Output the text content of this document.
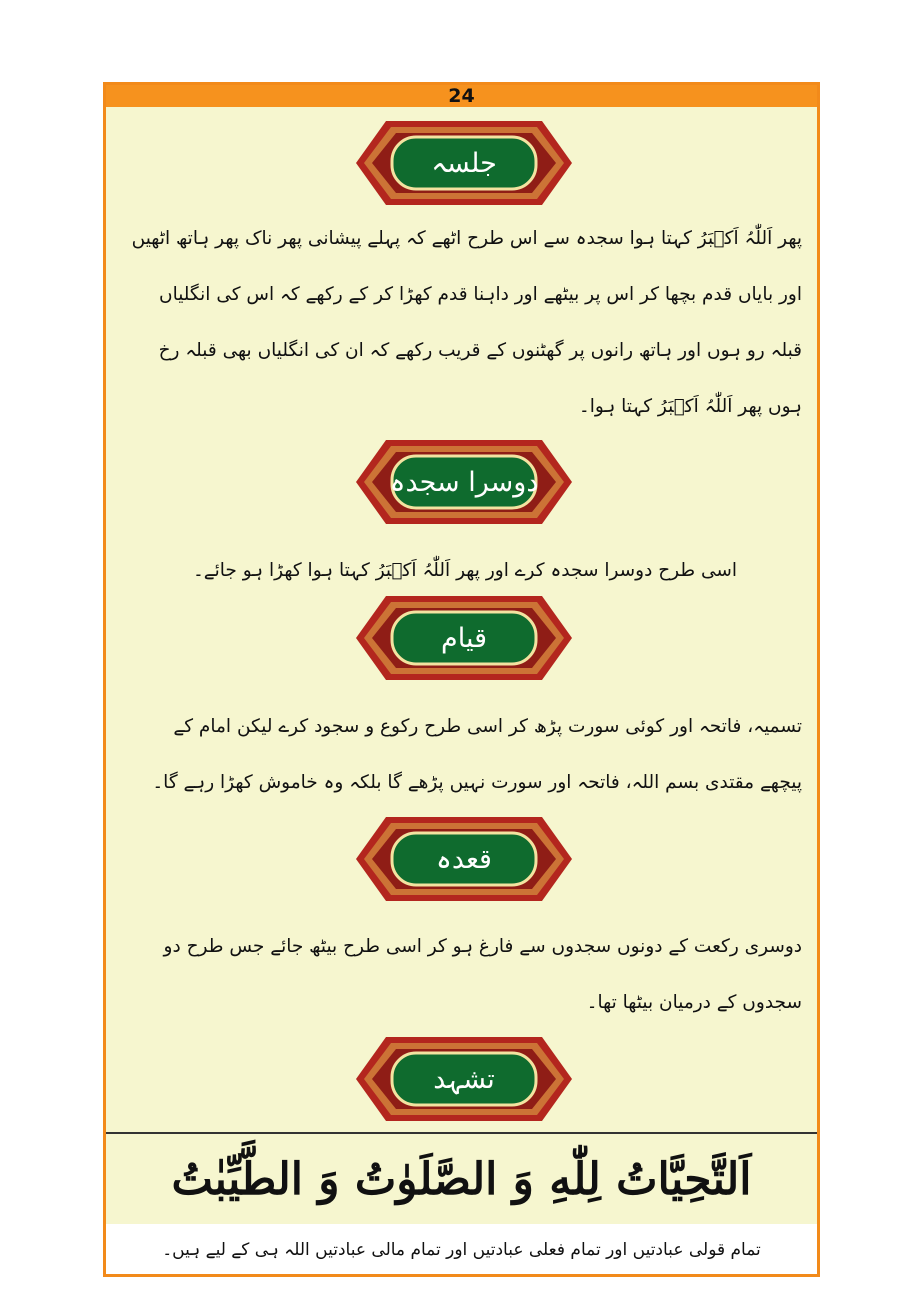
24
جلسہ
پھر اَللّٰہُ اَکۡبَرُ کہتا ہوا سجدہ سے اس طرح اٹھے کہ پہلے پیشانی پھر ناک پھر ہاتھ اٹھیں اور بایاں قدم بچھا کر اس پر بیٹھے اور داہنا قدم کھڑا کر کے رکھے کہ اس کی انگلیاں قبلہ رو ہوں اور ہاتھ رانوں پر گھٹنوں کے قریب رکھے کہ ان کی انگلیاں بھی قبلہ رخ ہوں پھر اَللّٰہُ اَکۡبَرُ کہتا ہوا۔
دوسرا سجدہ
اسی طرح دوسرا سجدہ کرے اور پھر اَللّٰہُ اَکۡبَرُ کہتا ہوا کھڑا ہو جائے۔
قیام
تسمیہ، فاتحہ اور کوئی سورت پڑھ کر اسی طرح رکوع و سجود کرے لیکن امام کے پیچھے مقتدی بسم اللہ، فاتحہ اور سورت نہیں پڑھے گا بلکہ وہ خاموش کھڑا رہے گا۔
قعدہ
دوسری رکعت کے دونوں سجدوں سے فارغ ہو کر اسی طرح بیٹھ جائے جس طرح دو سجدوں کے درمیان بیٹھا تھا۔
تشہد
اَلتَّحِيَّاتُ لِلّٰهِ وَ الصَّلَوٰتُ وَ الطَّيِّبٰتُ
تمام قولی عبادتیں اور تمام فعلی عبادتیں اور تمام مالی عبادتیں اللہ ہی کے لیے ہیں۔
